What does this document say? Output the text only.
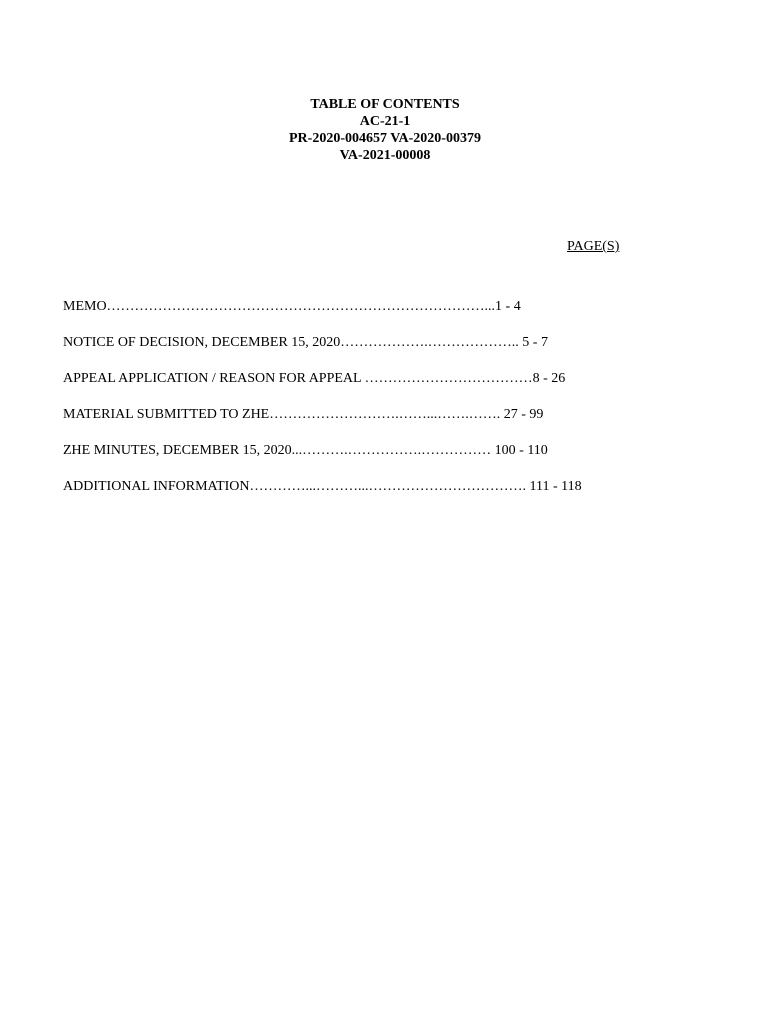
TABLE OF CONTENTS
AC-21-1
PR-2020-004657 VA-2020-00379
VA-2021-00008
PAGE(S)
MEMO………………………………………………………………………...1 - 4
NOTICE OF DECISION, DECEMBER 15, 2020……………….……………….. 5 - 7
APPEAL APPLICATION / REASON FOR APPEAL ………………………………8 - 26
MATERIAL SUBMITTED TO ZHE……………………….……...…….……. 27 - 99
ZHE MINUTES, DECEMBER 15, 2020...……….…………….…………… 100 - 110
ADDITIONAL INFORMATION…………...………...……………………………. 111 - 118
